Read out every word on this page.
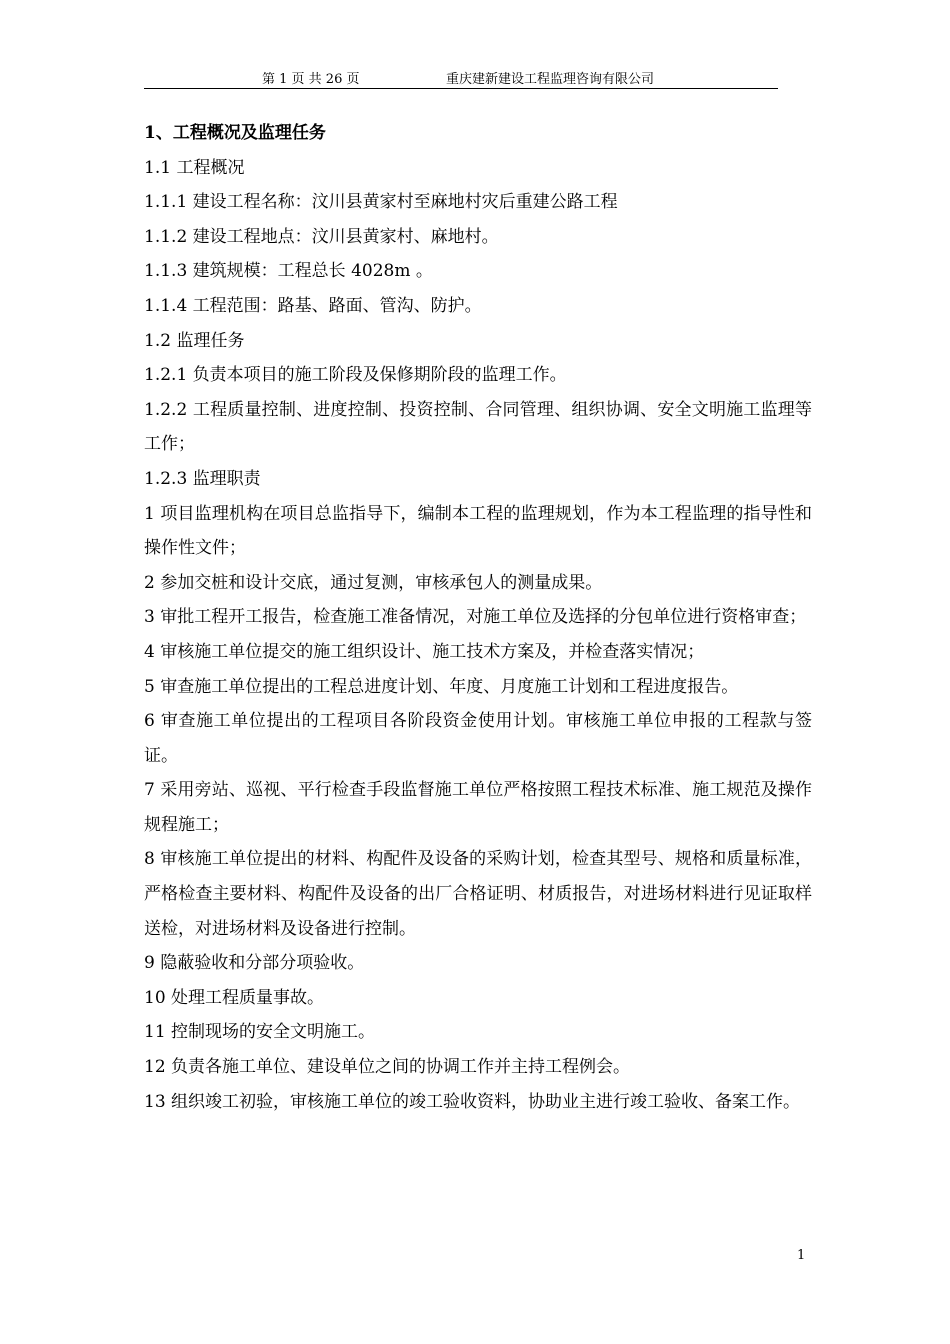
第 1 页 共 26 页	重庆建新建设工程监理咨询有限公司

1、工程概况及监理任务

1.1 工程概况

1.1.1 建设工程名称：汶川县黄家村至麻地村灾后重建公路工程

1.1.2 建设工程地点：汶川县黄家村、麻地村。

1.1.3 建筑规模：工程总长 4028m 。

1.1.4 工程范围：路基、路面、管沟、防护。

1.2 监理任务

1.2.1 负责本项目的施工阶段及保修期阶段的监理工作。

1.2.2 工程质量控制、进度控制、投资控制、合同管理、组织协调、安全文明施工监理等工作；

1.2.3 监理职责

1 项目监理机构在项目总监指导下，编制本工程的监理规划，作为本工程监理的指导性和操作性文件；

2 参加交桩和设计交底，通过复测，审核承包人的测量成果。

3 审批工程开工报告，检查施工准备情况，对施工单位及选择的分包单位进行资格审查；

4 审核施工单位提交的施工组织设计、施工技术方案及，并检查落实情况；

5 审查施工单位提出的工程总进度计划、年度、月度施工计划和工程进度报告。

6 审查施工单位提出的工程项目各阶段资金使用计划。审核施工单位申报的工程款与签证。

7 采用旁站、巡视、平行检查手段监督施工单位严格按照工程技术标准、施工规范及操作规程施工；

8 审核施工单位提出的材料、构配件及设备的采购计划，检查其型号、规格和质量标准，严格检查主要材料、构配件及设备的出厂合格证明、材质报告，对进场材料进行见证取样送检，对进场材料及设备进行控制。

9 隐蔽验收和分部分项验收。

10 处理工程质量事故。

11 控制现场的安全文明施工。

12 负责各施工单位、建设单位之间的协调工作并主持工程例会。

13 组织竣工初验，审核施工单位的竣工验收资料，协助业主进行竣工验收、备案工作。

1
